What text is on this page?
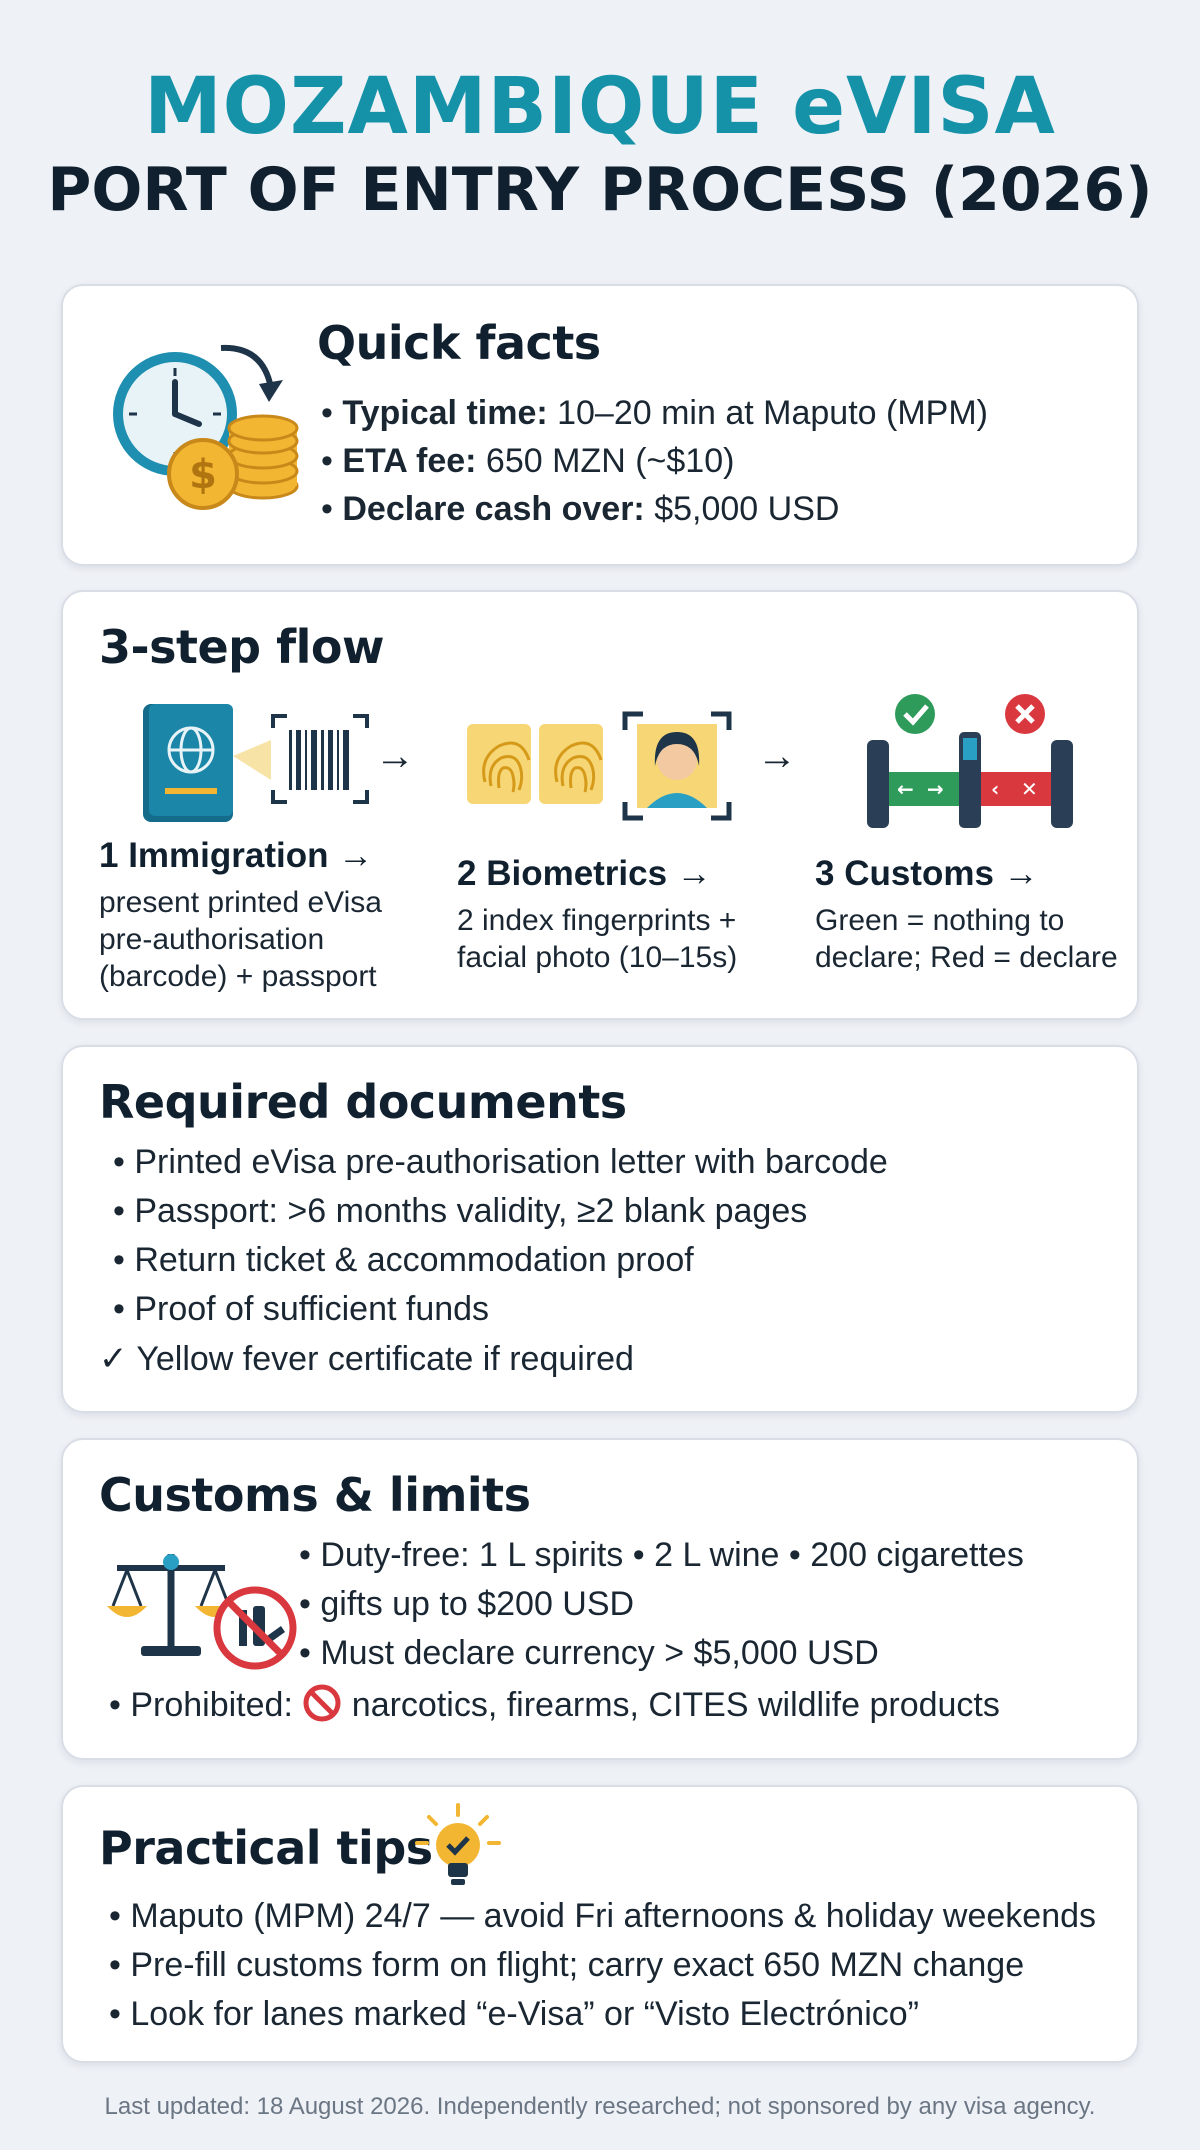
MOZAMBIQUE eVISA
PORT OF ENTRY PROCESS (2026)
$
Quick facts
• Typical time: 10–20 min at Maputo (MPM)
• ETA fee: 650 MZN (~$10)
• Declare cash over: $5,000 USD
3-step flow
→	→
← → ‹ ✕
1 Immigration →
present printed eVisa pre-authorisation (barcode) + passport
2 Biometrics →
2 index fingerprints + facial photo (10–15s)
3 Customs →
Green = nothing to declare; Red = declare
Required documents
• Printed eVisa pre-authorisation letter with barcode
• Passport: >6 months validity, ≥2 blank pages
• Return ticket & accommodation proof
• Proof of sufficient funds
✓ Yellow fever certificate if required
Customs & limits
• Duty-free: 1 L spirits • 2 L wine • 200 cigarettes
• gifts up to $200 USD
• Must declare currency > $5,000 USD
• Prohibited:  narcotics, firearms, CITES wildlife products
Practical tips
• Maputo (MPM) 24/7 — avoid Fri afternoons & holiday weekends
• Pre-fill customs form on flight; carry exact 650 MZN change
• Look for lanes marked “e-Visa” or “Visto Electrónico”
Last updated: 18 August 2026. Independently researched; not sponsored by any visa agency.
